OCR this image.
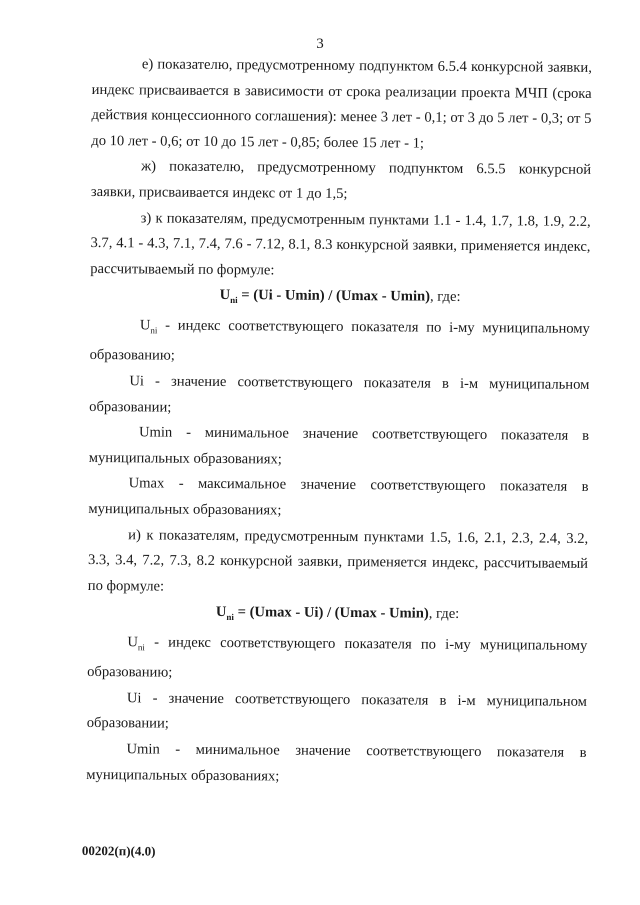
3

е) показателю, предусмотренному подпунктом 6.5.4 конкурсной заявки, индекс присваивается в зависимости от срока реализации проекта МЧП (срока действия концессионного соглашения): менее 3 лет - 0,1; от 3 до 5 лет - 0,3; от 5 до 10 лет - 0,6; от 10 до 15 лет - 0,85; более 15 лет - 1;

ж) показателю, предусмотренному подпунктом 6.5.5 конкурсной заявки, присваивается индекс от 1 до 1,5;

з) к показателям, предусмотренным пунктами 1.1 - 1.4, 1.7, 1.8, 1.9, 2.2, 3.7, 4.1 - 4.3, 7.1, 7.4, 7.6 - 7.12, 8.1, 8.3 конкурсной заявки, применяется индекс, рассчитываемый по формуле:

$U_{ni} = (Ui - Umin) / (Umax - Umin)$, где:

$U_{ni}$ - индекс соответствующего показателя по i-му муниципальному образованию;

Ui - значение соответствующего показателя в i-м муниципальном образовании;

Umin - минимальное значение соответствующего показателя в муниципальных образованиях;

Umax - максимальное значение соответствующего показателя в муниципальных образованиях;

и) к показателям, предусмотренным пунктами 1.5, 1.6, 2.1, 2.3, 2.4, 3.2, 3.3, 3.4, 7.2, 7.3, 8.2 конкурсной заявки, применяется индекс, рассчитываемый по формуле:

$U_{ni} = (Umax - Ui) / (Umax - Umin)$, где:

$U_{ni}$ - индекс соответствующего показателя по i-му муниципальному образованию;

Ui - значение соответствующего показателя в i-м муниципальном образовании;

Umin - минимальное значение соответствующего показателя в муниципальных образованиях;

00202(п)(4.0)
